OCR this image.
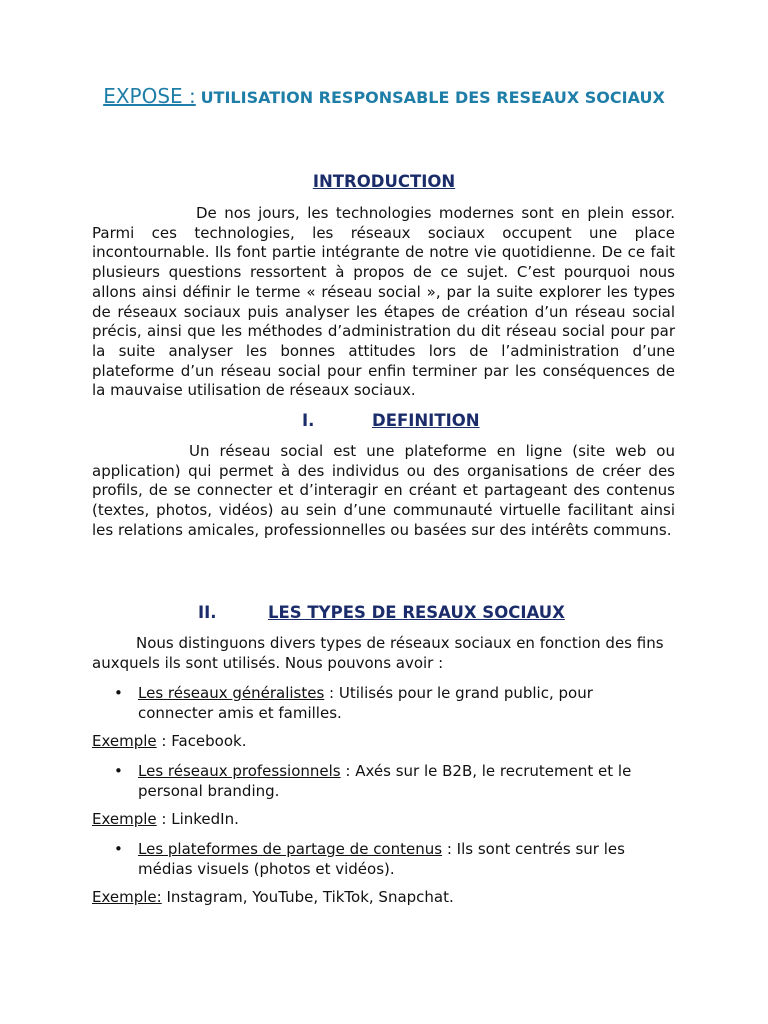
EXPOSE : UTILISATION RESPONSABLE DES RESEAUX SOCIAUX
INTRODUCTION

De nos jours, les technologies modernes sont en plein essor. Parmi ces technologies, les réseaux sociaux occupent une place incontournable. Ils font partie intégrante de notre vie quotidienne. De ce fait plusieurs questions ressortent à propos de ce sujet. C’est pourquoi nous allons ainsi définir le terme « réseau social », par la suite explorer les types de réseaux sociaux puis analyser les étapes de création d’un réseau social précis, ainsi que les méthodes d’administration du dit réseau social pour par la suite analyser les bonnes attitudes lors de l’administration d’une plateforme d’un réseau social pour enfin terminer par les conséquences de la mauvaise utilisation de réseaux sociaux.

I.	DEFINITION

Un réseau social est une plateforme en ligne (site web ou application) qui permet à des individus ou des organisations de créer des profils, de se connecter et d’interagir en créant et partageant des contenus (textes, photos, vidéos) au sein d’une communauté virtuelle facilitant ainsi les relations amicales, professionnelles ou basées sur des intérêts communs.

II.	LES TYPES DE RESAUX SOCIAUX

Nous distinguons divers types de réseaux sociaux en fonction des fins auxquels ils sont utilisés. Nous pouvons avoir :

• Les réseaux généralistes : Utilisés pour le grand public, pour connecter amis et familles.
Exemple : Facebook.
• Les réseaux professionnels : Axés sur le B2B, le recrutement et le personal branding.
Exemple : LinkedIn.
• Les plateformes de partage de contenus : Ils sont centrés sur les médias visuels (photos et vidéos).
Exemple: Instagram, YouTube, TikTok, Snapchat.
